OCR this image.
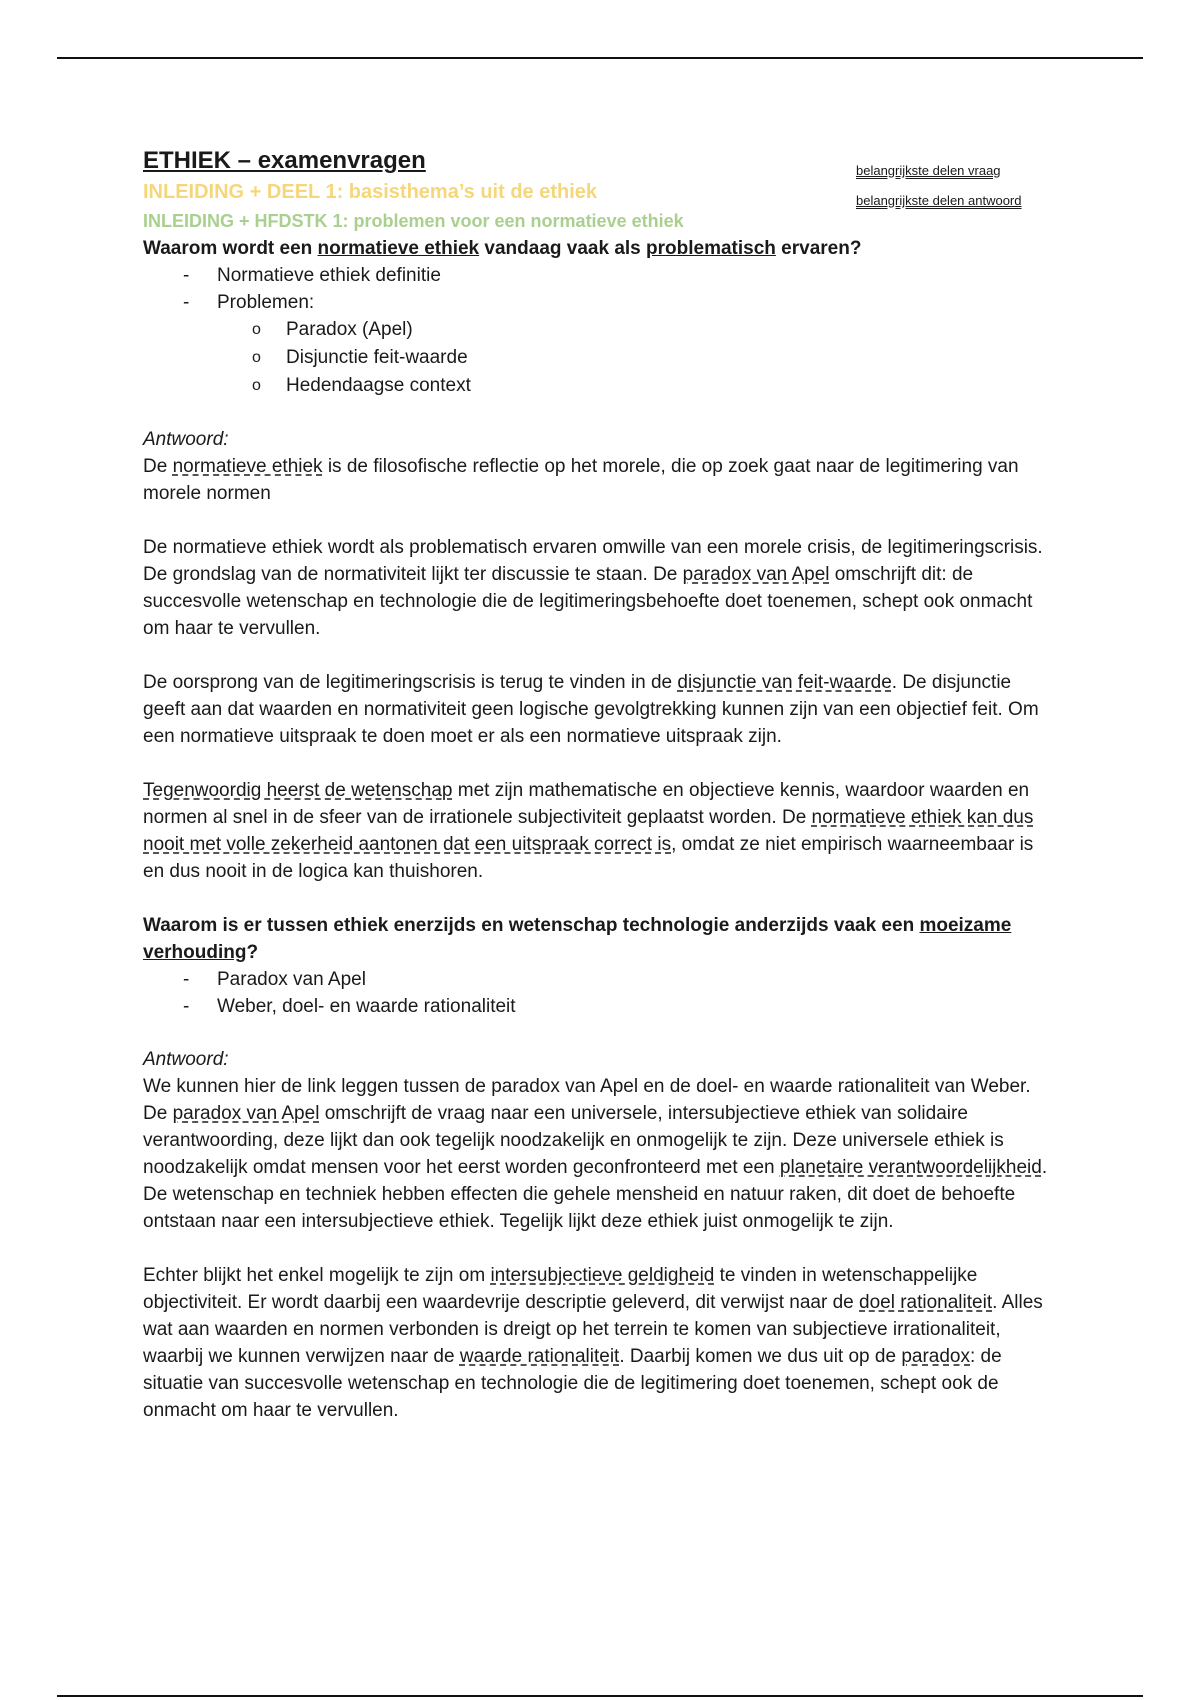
belangrijkste delen vraag
belangrijkste delen antwoord
ETHIEK – examenvragen
INLEIDING + DEEL 1: basisthema’s uit de ethiek
INLEIDING + HFDSTK 1: problemen voor een normatieve ethiek

Waarom wordt een normatieve ethiek vandaag vaak als problematisch ervaren?

- Normatieve ethiek definitie
- Problemen:
o Paradox (Apel)
o Disjunctie feit-waarde
o Hedendaagse context
Antwoord:

De normatieve ethiek is de filosofische reflectie op het morele, die op zoek gaat naar de legitimering van morele normen

De normatieve ethiek wordt als problematisch ervaren omwille van een morele crisis, de legitimeringscrisis. De grondslag van de normativiteit lijkt ter discussie te staan. De paradox van Apel omschrijft dit: de succesvolle wetenschap en technologie die de legitimeringsbehoefte doet toenemen, schept ook onmacht om haar te vervullen.

De oorsprong van de legitimeringscrisis is terug te vinden in de disjunctie van feit-waarde. De disjunctie geeft aan dat waarden en normativiteit geen logische gevolgtrekking kunnen zijn van een objectief feit. Om een normatieve uitspraak te doen moet er als een normatieve uitspraak zijn.

Tegenwoordig heerst de wetenschap met zijn mathematische en objectieve kennis, waardoor waarden en normen al snel in de sfeer van de irrationele subjectiviteit geplaatst worden. De normatieve ethiek kan dus nooit met volle zekerheid aantonen dat een uitspraak correct is, omdat ze niet empirisch waarneembaar is en dus nooit in de logica kan thuishoren.

Waarom is er tussen ethiek enerzijds en wetenschap technologie anderzijds vaak een moeizame verhouding?

- Paradox van Apel
- Weber, doel- en waarde rationaliteit
Antwoord:

We kunnen hier de link leggen tussen de paradox van Apel en de doel- en waarde rationaliteit van Weber. De paradox van Apel omschrijft de vraag naar een universele, intersubjectieve ethiek van solidaire verantwoording, deze lijkt dan ook tegelijk noodzakelijk en onmogelijk te zijn. Deze universele ethiek is noodzakelijk omdat mensen voor het eerst worden geconfronteerd met een planetaire verantwoordelijkheid. De wetenschap en techniek hebben effecten die gehele mensheid en natuur raken, dit doet de behoefte ontstaan naar een intersubjectieve ethiek. Tegelijk lijkt deze ethiek juist onmogelijk te zijn.

Echter blijkt het enkel mogelijk te zijn om intersubjectieve geldigheid te vinden in wetenschappelijke objectiviteit. Er wordt daarbij een waardevrije descriptie geleverd, dit verwijst naar de doel rationaliteit. Alles wat aan waarden en normen verbonden is dreigt op het terrein te komen van subjectieve irrationaliteit, waarbij we kunnen verwijzen naar de waarde rationaliteit. Daarbij komen we dus uit op de paradox: de situatie van succesvolle wetenschap en technologie die de legitimering doet toenemen, schept ook de onmacht om haar te vervullen.
